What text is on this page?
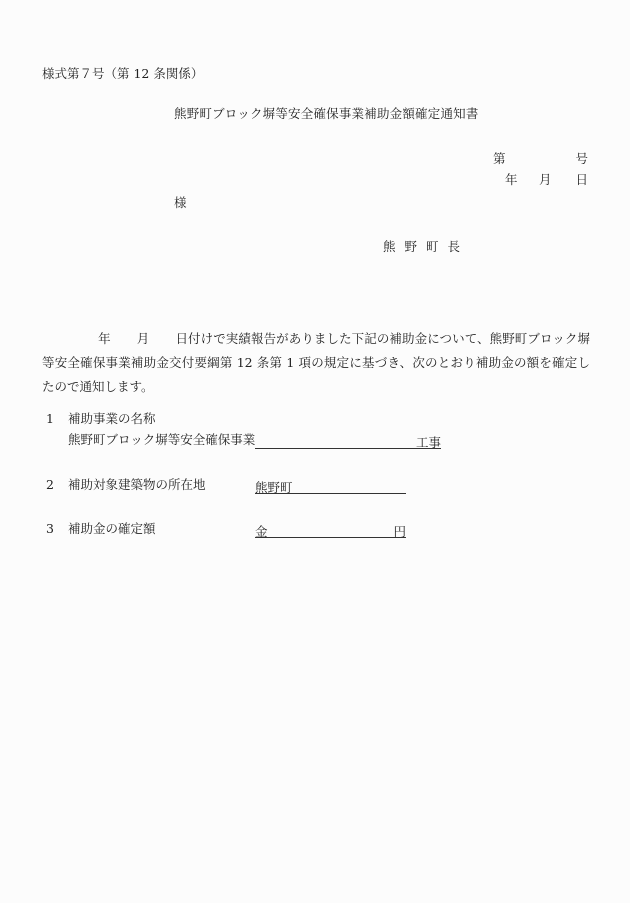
様式第７号（第 12 条関係）
熊野町ブロック塀等安全確保事業補助金額確定通知書
第	号
年 月 日
様
熊野町長
年 月 日付けで実績報告がありました下記の補助金について、熊野町ブロック塀等安全確保事業補助金交付要綱第 12 条第 1 項の規定に基づき、次のとおり補助金の額を確定したので通知します。
1 補助事業の名称
熊野町ブロック塀等安全確保事業	工事
2 補助対象建築物の所在地	熊野町
3 補助金の確定額	金	円
